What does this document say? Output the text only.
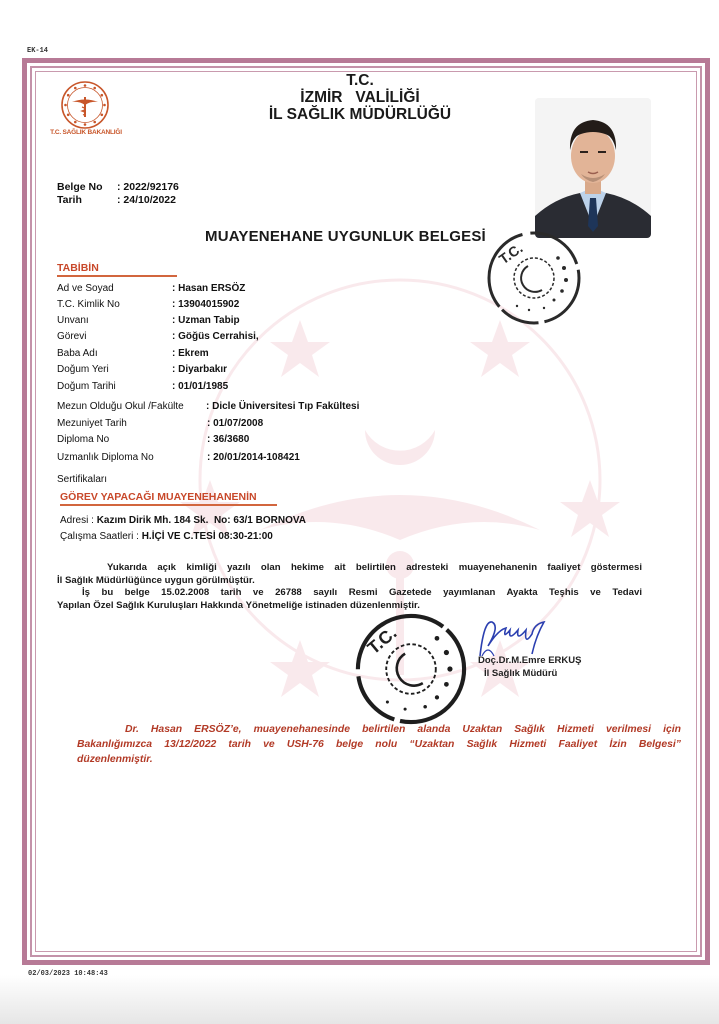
EK-14
T.C. SAĞLIK BAKANLIĞI
T.C.
İZMİR   VALİLİĞİ
İL SAĞLIK MÜDÜRLÜĞÜ
Belge No : 2022/92176
Tarih	: 24/10/2022
MUAYENEHANE UYGUNLUK BELGESİ
TABİBİN
Ad ve Soyad	: Hasan ERSÖZ
T.C. Kimlik No	: 13904015902
Unvanı	: Uzman Tabip
Görevi	: Göğüs Cerrahisi,
Baba Adı	: Ekrem
Doğum Yeri	: Diyarbakır
Doğum Tarihi	: 01/01/1985
Mezun Olduğu Okul /Fakülte : Dicle Üniversitesi Tıp Fakültesi
Mezuniyet Tarih	: 01/07/2008
Diploma No	: 36/3680
Uzmanlık Diploma No	: 20/01/2014-108421
Sertifikaları
GÖREV YAPACAĞI MUAYENEHANENİN
Adresi : Kazım Dirik Mh. 184 Sk.  No: 63/1 BORNOVA
Çalışma Saatleri : H.İÇİ VE C.TESİ 08:30-21:00

Yukarıda açık kimliği yazılı olan hekime ait belirtilen adresteki muayenehanenin faaliyet göstermesi

İl Sağlık Müdürlüğünce uygun görülmüştür.

İş bu belge 15.02.2008 tarih ve 26788 sayılı Resmi Gazetede yayımlanan Ayakta Teşhis ve Tedavi

Yapılan Özel Sağlık Kuruluşları Hakkında Yönetmeliğe istinaden düzenlenmiştir.

T.C.
T.C.
Doç.Dr.M.Emre ERKUŞ
İl Sağlık Müdürü

Dr. Hasan ERSÖZ’e, muayenehanesinde belirtilen alanda Uzaktan Sağlık Hizmeti verilmesi için

Bakanlığımızca 13/12/2022 tarih ve USH-76 belge nolu “Uzaktan Sağlık Hizmeti Faaliyet İzin Belgesi”

düzenlenmiştir.

02/03/2023 10:48:43
